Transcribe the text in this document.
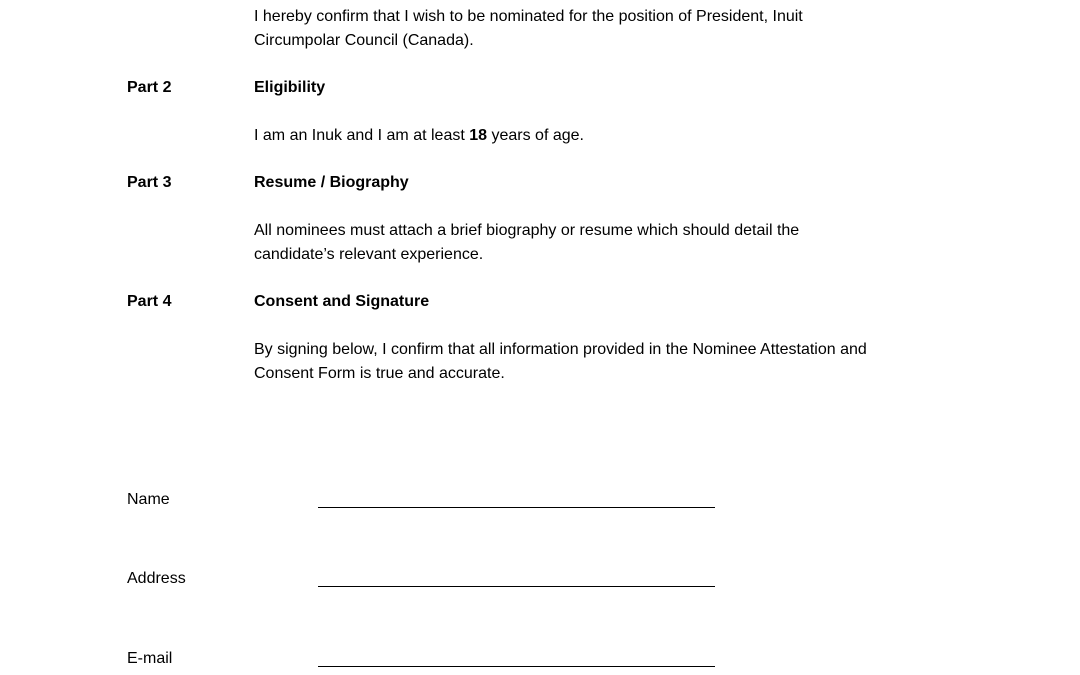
I hereby confirm that I wish to be nominated for the position of President, Inuit
Circumpolar Council (Canada).
Part 2	Eligibility
I am an Inuk and I am at least 18 years of age.
Part 3	Resume / Biography
All nominees must attach a brief biography or resume which should detail the
candidate’s relevant experience.
Part 4	Consent and Signature
By signing below, I confirm that all information provided in the Nominee Attestation and
Consent Form is true and accurate.
Name
Address
E-mail
